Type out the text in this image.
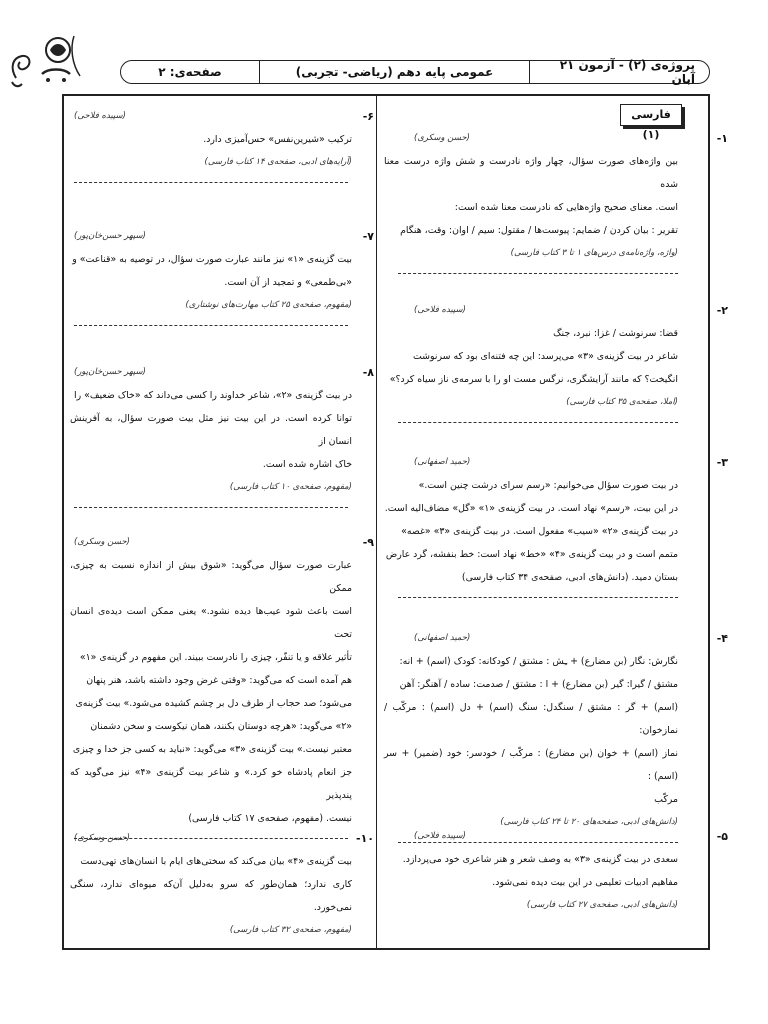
پروژه‌ی (۲) - آزمون ۲۱ آبان
عمومی پایه دهم (ریاضی- تجربی)
صفحه‌ی: ۲
فارسی (۱)	-۱
(حسن وسکری)
بین واژه‌های صورت سؤال، چهار واژه نادرست و شش واژه درست معنا شده
است. معنای صحیح واژه‌هایی که نادرست معنا شده است:
تقریر : بیان کردن / ضمایم: پیوست‌ها / مقتول: سیم / اوان: وقت، هنگام
(واژه، واژه‌نامه‌ی درس‌های ۱ تا ۳ کتاب فارسی)
-۲
(سپیده فلاحی)
قضا: سرنوشت / غزا: نبرد، جنگ
شاعر در بیت گزینه‌ی «۳» می‌پرسد: این چه فتنه‌ای بود که سرنوشت
انگیخت؟ که مانند آرایشگری، نرگس مست او را با سرمه‌ی ناز سیاه کرد؟»
(املا، صفحه‌ی ۳۵ کتاب فارسی)
-۳
(حمید اصفهانی)
در بیت صورت سؤال می‌خوانیم: «رسم سرای درشت چنین است.»
در این بیت، «رسم» نهاد است. در بیت گزینه‌ی «۱» «گل» مضاف‌الیه است.
در بیت گزینه‌ی «۲» «سیب» مفعول است. در بیت گزینه‌ی «۳» «غصه»
متمم است و در بیت گزینه‌ی «۴» «خط» نهاد است: خط بنفشه، گرد عارض
بستان دمید. (دانش‌های ادبی، صفحه‌ی ۳۴ کتاب فارسی)
-۴
(حمید اصفهانی)
نگارش: نگار (بن مضارع) + ـِش : مشتق / کودکانه: کودک (اسم) + انه:
مشتق / گیرا: گیر (بن مضارع) + ا : مشتق / صدمت: ساده / آهنگر: آهن
(اسم) + گر : مشتق / سنگدل: سنگ (اسم) + دل (اسم) : مرکّب / نمازخوان:
نماز (اسم) + خوان (بن مضارع) : مرکّب / خودسر: خود (ضمیر) + سر (اسم) :
مرکّب
(دانش‌های ادبی، صفحه‌های ۲۰ تا ۲۴ کتاب فارسی)
-۵
(سپیده فلاحی)
سعدی در بیت گزینه‌ی «۳» به وصف شعر و هنر شاعری خود می‌پردازد.
مفاهیم ادبیات تعلیمی در این بیت دیده نمی‌شود.
(دانش‌های ادبی، صفحه‌ی ۲۷ کتاب فارسی)
-۶
(سپیده فلاحی)
ترکیب «شیرین‌نفس» حس‌آمیزی دارد.
(آرایه‌های ادبی، صفحه‌ی ۱۴ کتاب فارسی)
-۷
(سپهر حسن‌خان‌پور)
بیت گزینه‌ی «۱» نیز مانند عبارت صورت سؤال، در توصیه به «قناعت» و
«بی‌طمعی» و تمجید از آن است.
(مفهوم، صفحه‌ی ۲۵ کتاب مهارت‌های نوشتاری)
-۸
(سپهر حسن‌خان‌پور)
در بیت گزینه‌ی «۲»، شاعر خداوند را کسی می‌داند که «خاک ضعیف» را
توانا کرده است. در این بیت نیز مثل بیت صورت سؤال، به آفرینش انسان از
خاک اشاره شده است.
(مفهوم، صفحه‌ی ۱۰ کتاب فارسی)
-۹
(حسن وسکری)
عبارت صورت سؤال می‌گوید: «شوق بیش از اندازه نسبت به چیزی، ممکن
است باعث شود عیب‌ها دیده نشود.» یعنی ممکن است دیده‌ی انسان تحت
تأثیر علاقه و یا تنفّر، چیزی را نادرست ببیند. این مفهوم در گزینه‌ی «۱»
هم آمده است که می‌گوید: «وقتی غرض وجود داشته باشد، هنر پنهان
می‌شود؛ صد حجاب از طرف دل بر چشم کشیده می‌شود.» بیت گزینه‌ی
«۲» می‌گوید: «هرچه دوستان بکنند، همان نیکوست و سخن دشمنان
معتبر نیست.» بیت گزینه‌ی «۳» می‌گوید: «نباید به کسی جز خدا و چیزی
جز انعام پادشاه خو کرد.» و شاعر بیت گزینه‌ی «۴» نیز می‌گوید که پندپذیر
نیست. (مفهوم، صفحه‌ی ۱۷ کتاب فارسی)
-۱۰
(حسن وسکری)
بیت گزینه‌ی «۴» بیان می‌کند که سختی‌های ایام با انسان‌های تهی‌دست
کاری ندارد؛ همان‌طور که سرو به‌دلیل آن‌که میوه‌ای ندارد، سنگی نمی‌خورد.
(مفهوم، صفحه‌ی ۳۲ کتاب فارسی)
